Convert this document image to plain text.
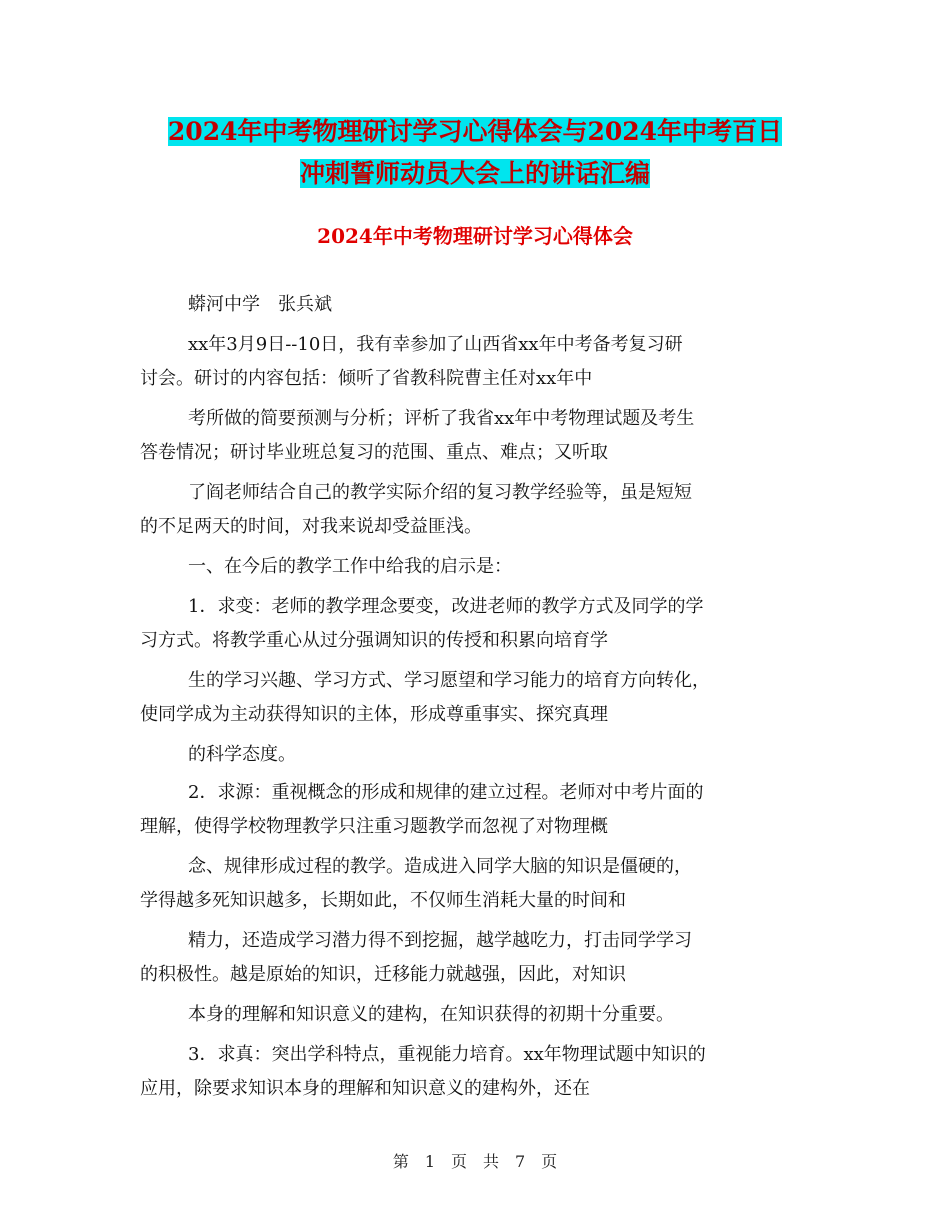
2024年中考物理研讨学习心得体会与2024年中考百日
冲刺誓师动员大会上的讲话汇编
2024年中考物理研讨学习心得体会

蟒河中学　张兵斌

xx年3月9日--10日，我有幸参加了山西省xx年中考备考复习研

讨会。研讨的内容包括：倾听了省教科院曹主任对xx年中

考所做的简要预测与分析；评析了我省xx年中考物理试题及考生

答卷情况；研讨毕业班总复习的范围、重点、难点；又听取

了阎老师结合自己的教学实际介绍的复习教学经验等，虽是短短

的不足两天的时间，对我来说却受益匪浅。

一、在今后的教学工作中给我的启示是：

1．求变：老师的教学理念要变，改进老师的教学方式及同学的学

习方式。将教学重心从过分强调知识的传授和积累向培育学

生的学习兴趣、学习方式、学习愿望和学习能力的培育方向转化，

使同学成为主动获得知识的主体，形成尊重事实、探究真理

的科学态度。

2．求源：重视概念的形成和规律的建立过程。老师对中考片面的

理解，使得学校物理教学只注重习题教学而忽视了对物理概

念、规律形成过程的教学。造成进入同学大脑的知识是僵硬的，

学得越多死知识越多，长期如此，不仅师生消耗大量的时间和

精力，还造成学习潜力得不到挖掘，越学越吃力，打击同学学习

的积极性。越是原始的知识，迁移能力就越强，因此，对知识

本身的理解和知识意义的建构，在知识获得的初期十分重要。

3．求真：突出学科特点，重视能力培育。xx年物理试题中知识的

应用，除要求知识本身的理解和知识意义的建构外，还在

第　1　页　共　7　页
